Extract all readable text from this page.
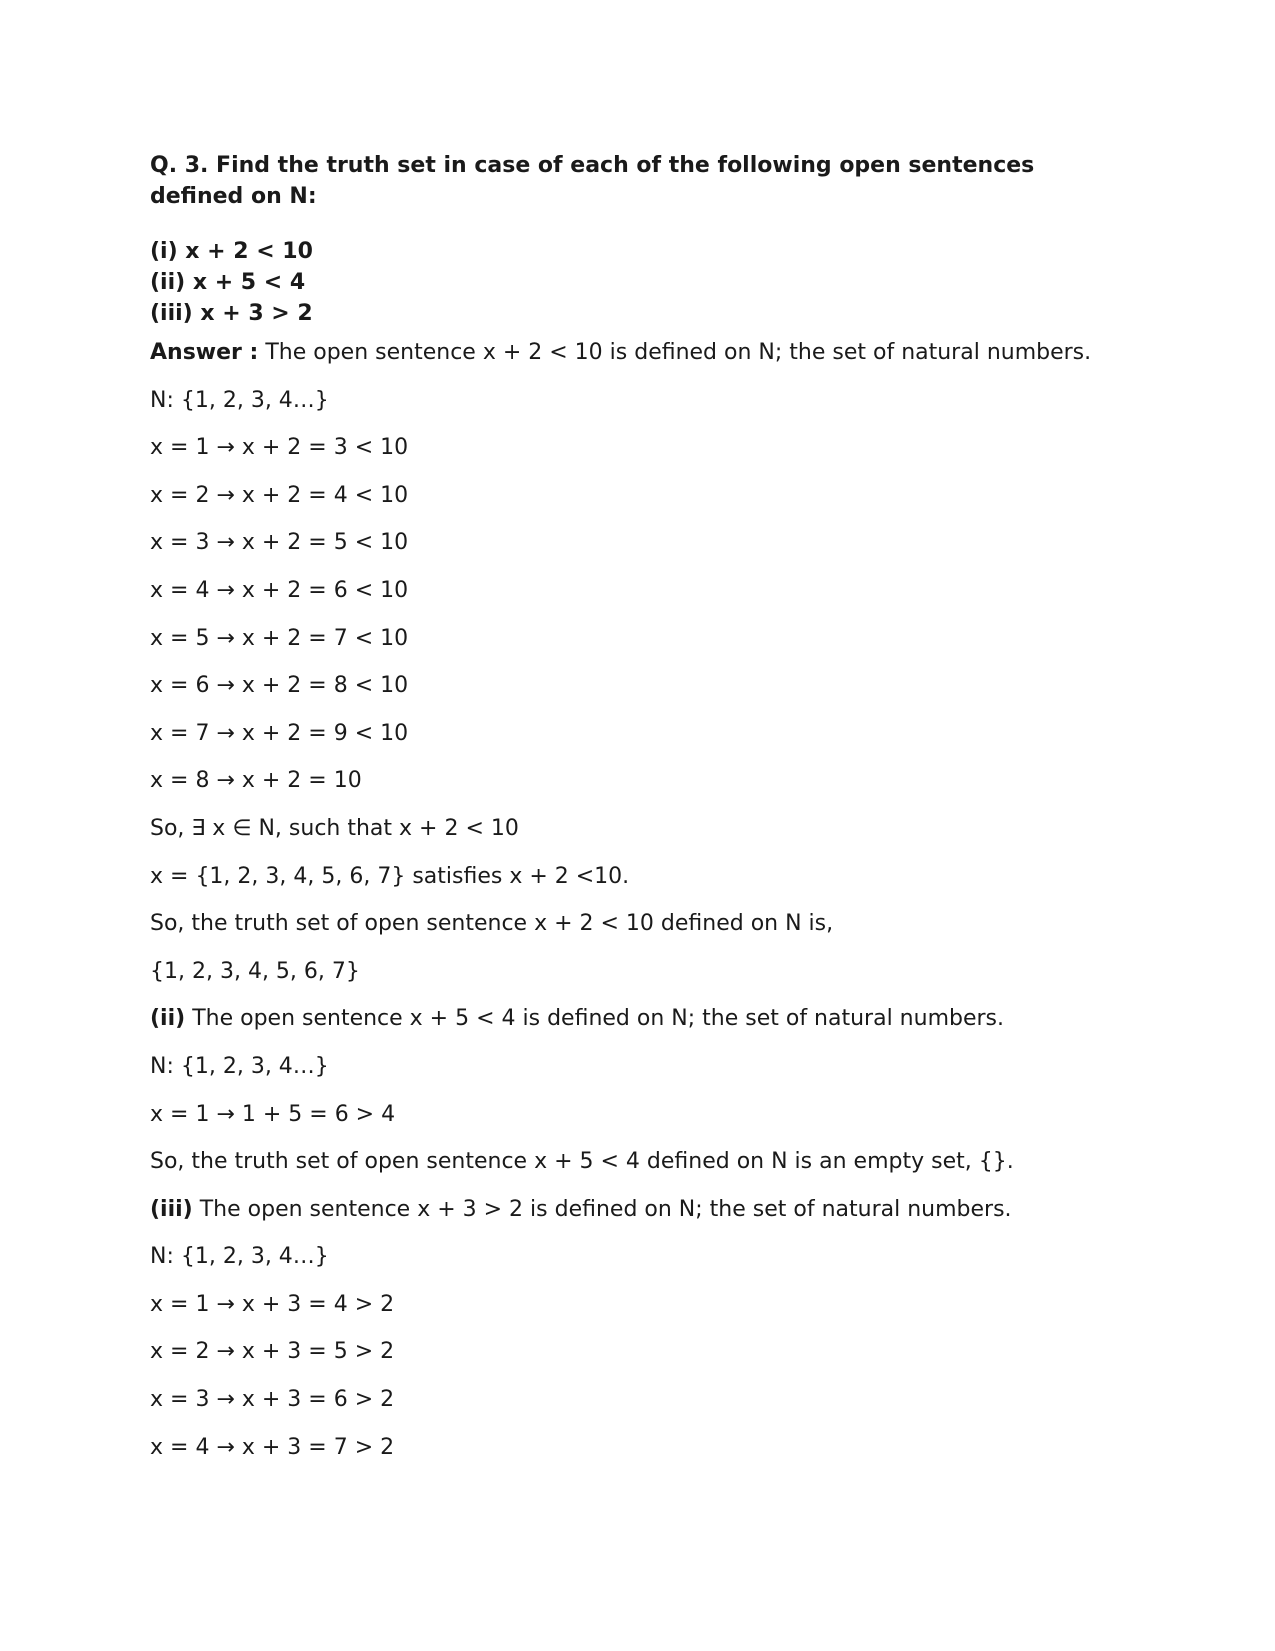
Q. 3. Find the truth set in case of each of the following open sentences defined on N:

(i) x + 2 < 10
(ii) x + 5 < 4
(iii) x + 3 > 2
Answer : The open sentence x + 2 < 10 is defined on N; the set of natural numbers.
N: {1, 2, 3, 4…}
x = 1 → x + 2 = 3 < 10
x = 2 → x + 2 = 4 < 10
x = 3 → x + 2 = 5 < 10
x = 4 → x + 2 = 6 < 10
x = 5 → x + 2 = 7 < 10
x = 6 → x + 2 = 8 < 10
x = 7 → x + 2 = 9 < 10
x = 8 → x + 2 = 10
So, ∃ x ∈ N, such that x + 2 < 10
x = {1, 2, 3, 4, 5, 6, 7} satisfies x + 2 <10.
So, the truth set of open sentence x + 2 < 10 defined on N is,
{1, 2, 3, 4, 5, 6, 7}
(ii) The open sentence x + 5 < 4 is defined on N; the set of natural numbers.
N: {1, 2, 3, 4…}
x = 1 → 1 + 5 = 6 > 4
So, the truth set of open sentence x + 5 < 4 defined on N is an empty set, {}.
(iii) The open sentence x + 3 > 2 is defined on N; the set of natural numbers.
N: {1, 2, 3, 4…}
x = 1 → x + 3 = 4 > 2
x = 2 → x + 3 = 5 > 2
x = 3 → x + 3 = 6 > 2
x = 4 → x + 3 = 7 > 2
